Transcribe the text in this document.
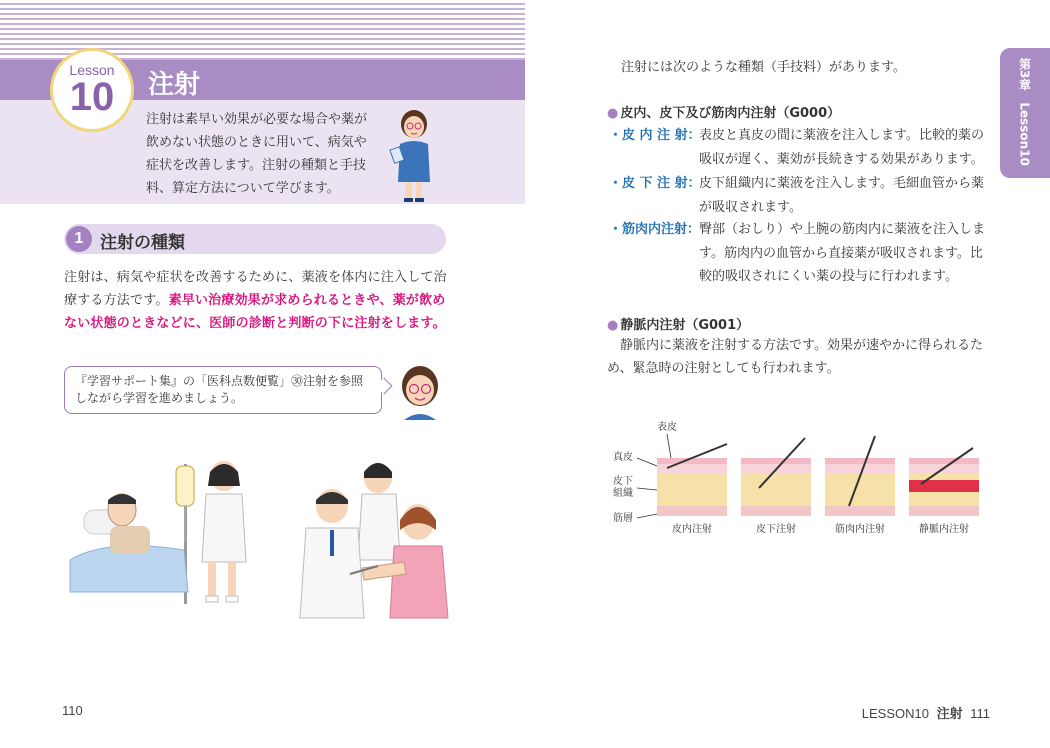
Lesson
10 注射

注射は素早い効果が必要な場合や薬が飲めない状態のときに用いて、病気や症状を改善します。注射の種類と手技料、算定方法について学びます。

1 注射の種類

注射は、病気や症状を改善するために、薬液を体内に注入して治療する方法です。素早い治療効果が求められるときや、薬が飲めない状態のときなどに、医師の診断と判断の下に注射をします。

『学習サポート集』の「医科点数便覧」㉚注射を参照しながら学習を進めましょう。
110
第3章　Lesson10
注射には次のような種類（手技料）があります。
● 皮内、皮下及び筋肉内注射（G000）
・皮 内 注 射：
表皮と真皮の間に薬液を注入します。比較的薬の吸収が遅く、薬効が長続きする効果があります。
・皮 下 注 射：
皮下組織内に薬液を注入します。毛細血管から薬が吸収されます。
・筋肉内注射：
臀部（おしり）や上腕の筋肉内に薬液を注入します。筋肉内の血管から直接薬が吸収されます。比較的吸収されにくい薬の投与に行われます。
● 静脈内注射（G001）

静脈内に薬液を注射する方法です。効果が速やかに得られるため、緊急時の注射としても行われます。

表皮
真皮
皮下 組織
筋層
皮内注射	皮下注射	筋肉内注射	静脈内注射
LESSON10 注射 111
